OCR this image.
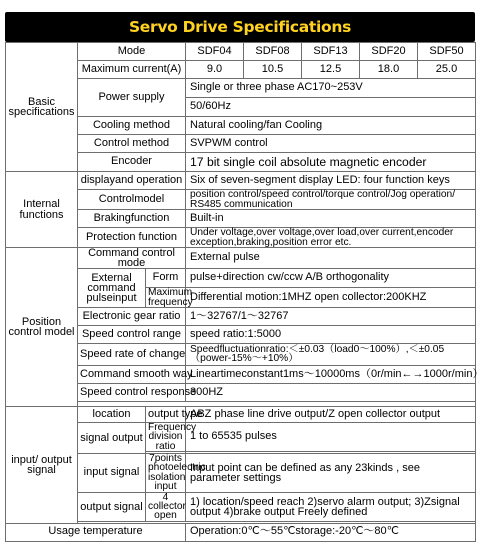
Servo Drive Specifications
Basic specifications	Mode		SDF04	SDF08	SDF13	SDF20	SDF50
	Maximum current(A)		9.0	10.5	12.5	18.0	25.0
	Power supply		Single or three phase AC170~253V				
			50/60Hz				
	Cooling method		Natural cooling/fan Cooling				
	Control method		SVPWM control				
	Encoder		17 bit single coil absolute magnetic encoder				
Internal functions	displayand operation		Six of seven-segment display LED: four function keys				
	Controlmodel		position control/speed control/torque control/Jog operation/ RS485 communication				
	Brakingfunction		Built-in				
	Protection function		Under voltage,over voltage,over load,over current,encoder exception,braking,position error etc.				
Position control model	Command control mode		External pulse				
	External command pulseinput	Form	pulse+direction cw/ccw A/B orthogonality				
		Maximum frequency	Differential motion:1MHZ open collector:200KHZ				
	Electronic gear ratio		1～32767/1～32767				
	Speed control range		speed ratio:1:5000				
	Speed rate of change		Speedfluctuationratio:＜±0.03（load0～100%）,＜±0.05（power-15%～+10%）				
	Command smooth way		Lineartimeconstant1ms～10000ms（0r/min←→1000r/min）				
	Speed control response		300HZ				

input/ output signal	location	output type	ABZ phase line drive output/Z open collector output				
	signal output	Frequency division ratio	1 to 65535 pulses				

	input signal	7points photoelectric isolation input	Input point can be defined as any 23kinds , see parameter settings				
	output signal	4 collector open	1) location/speed reach 2)servo alarm output; 3)Zsignal output 4)brake output Freely defined				

Usage temperature			Operation:0℃～55℃storage:-20℃～80℃				
